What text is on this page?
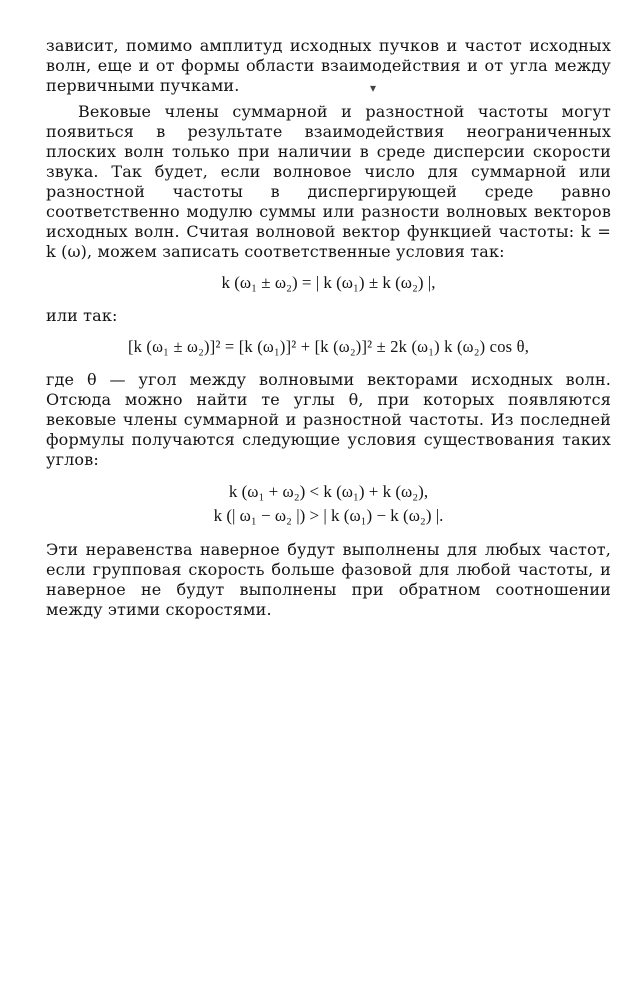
зависит, помимо амплитуд исходных пучков и частот исходных волн, еще и от формы области взаимодействия и от угла между первичными пучками.

Вековые члены суммарной и разностной частоты могут появиться в результате взаимодействия неограниченных плоских волн только при наличии в среде дисперсии скорости звука. Так будет, если волновое число для суммарной или разностной частоты в диспергирующей среде равно соответственно модулю суммы или разности волновых векторов исходных волн. Считая волновой вектор функцией частоты: k = k (ω), можем записать соответственные условия так:

k (ω₁ ± ω₂) = | k (ω₁) ± k (ω₂) |,

или так:

[k (ω₁ ± ω₂)]² = [k (ω₁)]² + [k (ω₂)]² ± 2k (ω₁) k (ω₂) cos θ,

где θ — угол между волновыми векторами исходных волн. Отсюда можно найти те углы θ, при которых появляются вековые члены суммарной и разностной частоты. Из последней формулы получаются следующие условия существования таких углов:

k (ω₁ + ω₂) < k (ω₁) + k (ω₂),
k (| ω₁ − ω₂ |) > | k (ω₁) − k (ω₂) |.

Эти неравенства наверное будут выполнены для любых частот, если групповая скорость больше фазовой для любой частоты, и наверное не будут выполнены при обратном соотношении между этими скоростями.

▾
